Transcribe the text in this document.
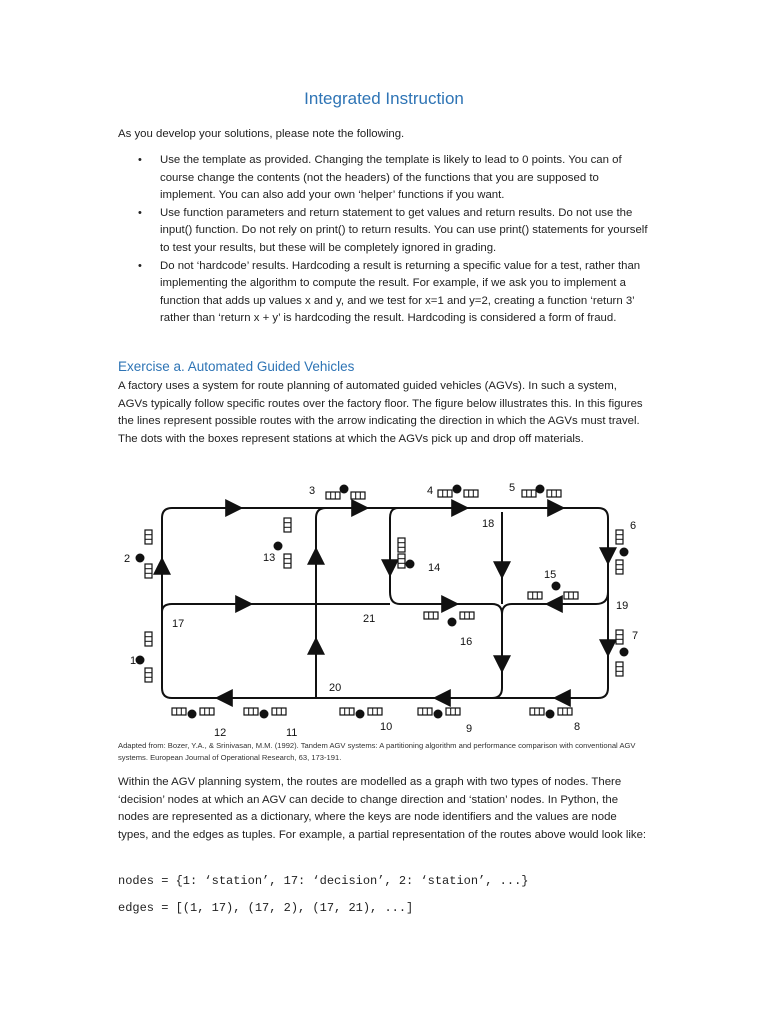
Integrated Instruction

As you develop your solutions, please note the following.

• Use the template as provided. Changing the template is likely to lead to 0 points. You can of course change the contents (not the headers) of the functions that you are supposed to implement. You can also add your own ‘helper’ functions if you want.
• Use function parameters and return statement to get values and return results. Do not use the input() function. Do not rely on print() to return results. You can use print() statements for yourself to test your results, but these will be completely ignored in grading.
• Do not ‘hardcode’ results. Hardcoding a result is returning a specific value for a test, rather than implementing the algorithm to compute the result. For example, if we ask you to implement a function that adds up values x and y, and we test for x=1 and y=2, creating a function ‘return 3’ rather than ‘return x + y’ is hardcoding the result. Hardcoding is considered a form of fraud.
Exercise a. Automated Guided Vehicles

A factory uses a system for route planning of automated guided vehicles (AGVs). In such a system, AGVs typically follow specific routes over the factory floor. The figure below illustrates this. In this figures the lines represent possible routes with the arrow indicating the direction in which the AGVs must travel. The dots with the boxes represent stations at which the AGVs pick up and drop off materials.

1
2
3	4	5
6
7
8
9
10
11
12
13
14
15
16
17
18
19
20
21
Adapted from: Bozer, Y.A., & Srinivasan, M.M. (1992). Tandem AGV systems: A partitioning algorithm and performance comparison with conventional AGV systems. European Journal of Operational Research, 63, 173-191.

Within the AGV planning system, the routes are modelled as a graph with two types of nodes. There ‘decision’ nodes at which an AGV can decide to change direction and ‘station’ nodes. In Python, the nodes are represented as a dictionary, where the keys are node identifiers and the values are node types, and the edges as tuples. For example, a partial representation of the routes above would look like:

nodes = {1: ‘station’, 17: ‘decision’, 2: ‘station’, ...}
edges = [(1, 17), (17, 2), (17, 21), ...]
